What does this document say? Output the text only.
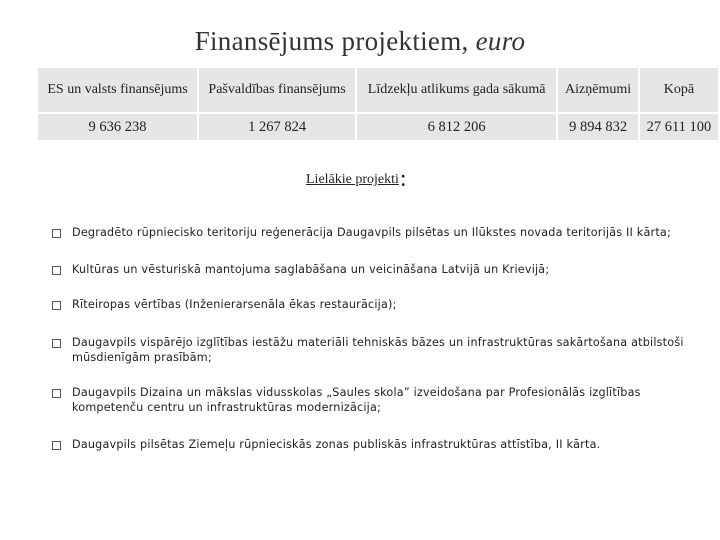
Finansējums projektiem, euro
ES un valsts finansējums	Pašvaldības finansējums	Līdzekļu atlikums gada sākumā	Aizņēmumi	Kopā
9 636 238	1 267 824	6 812 206	9 894 832	27 611 100
Lielākie projekti:
Degradēto rūpnieciskо teritoriju reģenerācija Daugavpils pilsētas un Ilūkstes novada teritorijās II kārta;
Kultūras un vēsturiskā mantojuma saglabāšana un veicināšana Latvijā un Krievijā;
Rīteiropas vērtības (Inženierarsenāla ēkas restaurācija);
Daugavpils vispārējo izglītības iestāžu materiāli tehniskās bāzes un infrastruktūras sakārtošana atbilstoši mūsdienīgām prasībām;
Daugavpils Dizaina un mākslas vidusskolas „Saules skola” izveidošana par Profesionālās izglītības kompetenču centru un infrastruktūras modernizācija;
Daugavpils pilsētas Ziemeļu rūpnieciskās zonas publiskās infrastruktūras attīstība, II kārta.
